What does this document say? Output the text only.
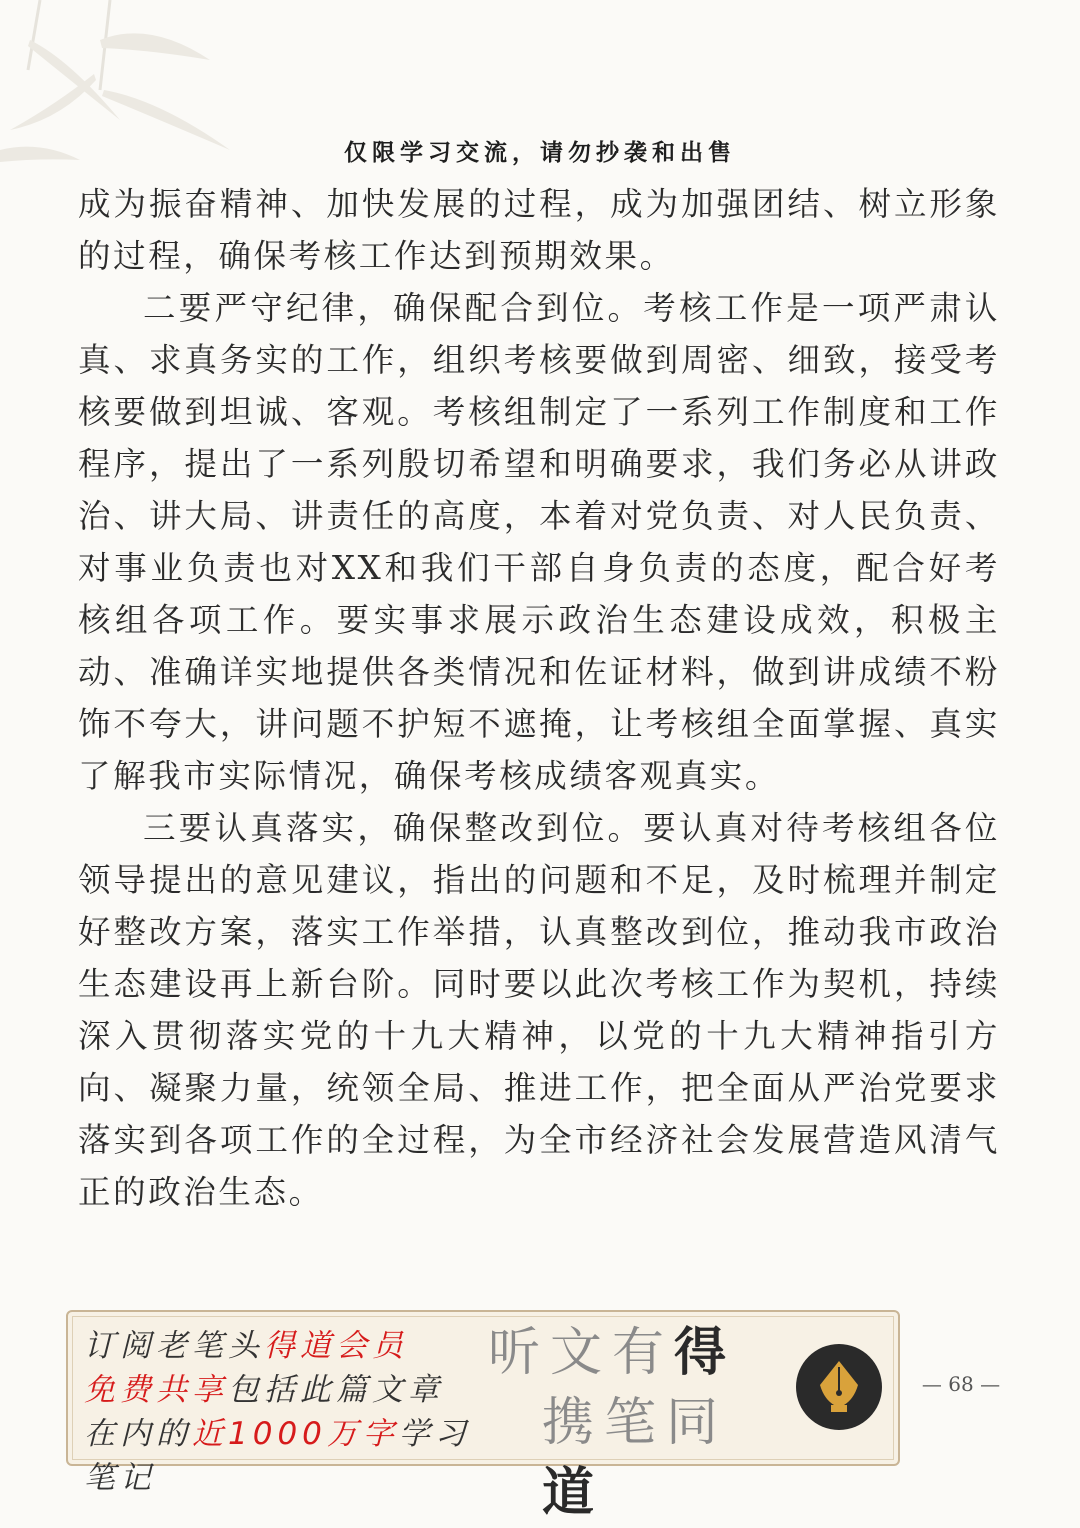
仅限学习交流，请勿抄袭和出售

成为振奋精神、加快发展的过程，成为加强团结、树立形象的过程，确保考核工作达到预期效果。

二要严守纪律，确保配合到位。考核工作是一项严肃认真、求真务实的工作，组织考核要做到周密、细致，接受考核要做到坦诚、客观。考核组制定了一系列工作制度和工作程序，提出了一系列殷切希望和明确要求，我们务必从讲政治、讲大局、讲责任的高度，本着对党负责、对人民负责、对事业负责也对XX和我们干部自身负责的态度，配合好考核组各项工作。要实事求展示政治生态建设成效，积极主动、准确详实地提供各类情况和佐证材料，做到讲成绩不粉饰不夸大，讲问题不护短不遮掩，让考核组全面掌握、真实了解我市实际情况，确保考核成绩客观真实。

三要认真落实，确保整改到位。要认真对待考核组各位领导提出的意见建议，指出的问题和不足，及时梳理并制定好整改方案，落实工作举措，认真整改到位，推动我市政治生态建设再上新台阶。同时要以此次考核工作为契机，持续深入贯彻落实党的十九大精神，以党的十九大精神指引方向、凝聚力量，统领全局、推进工作，把全面从严治党要求落实到各项工作的全过程，为全市经济社会发展营造风清气正的政治生态。

订阅老笔头得道会员
免费共享包括此篇文章
在内的近1000万字学习笔记
听文有得
携笔同道
— 68 —
